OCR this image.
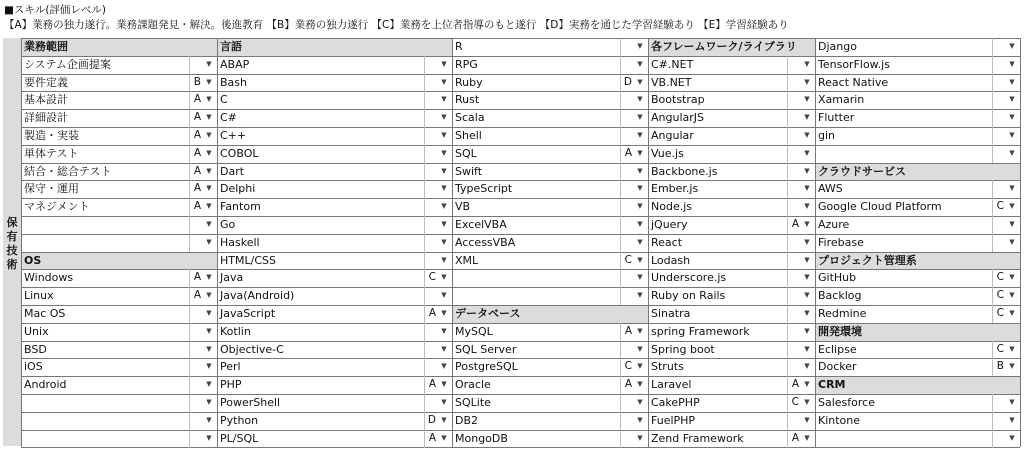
■スキル(評価レベル)
【A】業務の独力遂行。業務課題発見・解決。後進教育 【B】業務の独力遂行 【C】業務を上位者指導のもと遂行 【D】実務を通じた学習経験あり 【E】学習経験あり
保
有
技
術
業務範囲
システム企画提案	▼
要件定義	B ▼
基本設計	A ▼
詳細設計	A ▼
製造・実装	A ▼
単体テスト	A ▼
結合・総合テスト	A ▼
保守・運用	A ▼
マネジメント	A ▼
▼
▼
OS
Windows	A ▼
Linux	A ▼
Mac OS	▼
Unix	▼
BSD	▼
iOS	▼
Android	▼
▼
▼
▼
言語
ABAP	▼
Bash	▼
C	▼
C#	▼
C++	▼
COBOL	▼
Dart	▼
Delphi	▼
Fantom	▼
Go	▼
Haskell	▼
HTML/CSS	▼
Java	C ▼
Java(Android)	▼
JavaScript	A ▼
Kotlin	▼
Objective-C	▼
Perl	▼
PHP	A ▼
PowerShell	▼
Python	D ▼
PL/SQL	A ▼
R	▼
RPG	▼
Ruby	D ▼
Rust	▼
Scala	▼
Shell	▼
SQL	A ▼
Swift	▼
TypeScript	▼
VB	▼
ExcelVBA	▼
AccessVBA	▼
XML	C ▼
▼
▼
データベース
MySQL	A ▼
SQL Server	▼
PostgreSQL	C ▼
Oracle	A ▼
SQLite	▼
DB2	▼
MongoDB	▼
各フレームワーク/ライブラリ
C#.NET	▼
VB.NET	▼
Bootstrap	▼
AngularJS	▼
Angular	▼
Vue.js	▼
Backbone.js	▼
Ember.js	▼
Node.js	▼
jQuery	A ▼
React	▼
Lodash	▼
Underscore.js	▼
Ruby on Rails	▼
Sinatra	▼
spring Framework	▼
Spring boot	▼
Struts	▼
Laravel	A ▼
CakePHP	C ▼
FuelPHP	▼
Zend Framework	A ▼
Django	▼
TensorFlow.js	▼
React Native	▼
Xamarin	▼
Flutter	▼
gin	▼
▼
クラウドサービス
AWS	▼
Google Cloud Platform	C ▼
Azure	▼
Firebase	▼
プロジェクト管理系
GitHub	C ▼
Backlog	C ▼
Redmine	C ▼
開発環境
Eclipse	C ▼
Docker	B ▼
CRM
Salesforce	▼
Kintone	▼
▼
